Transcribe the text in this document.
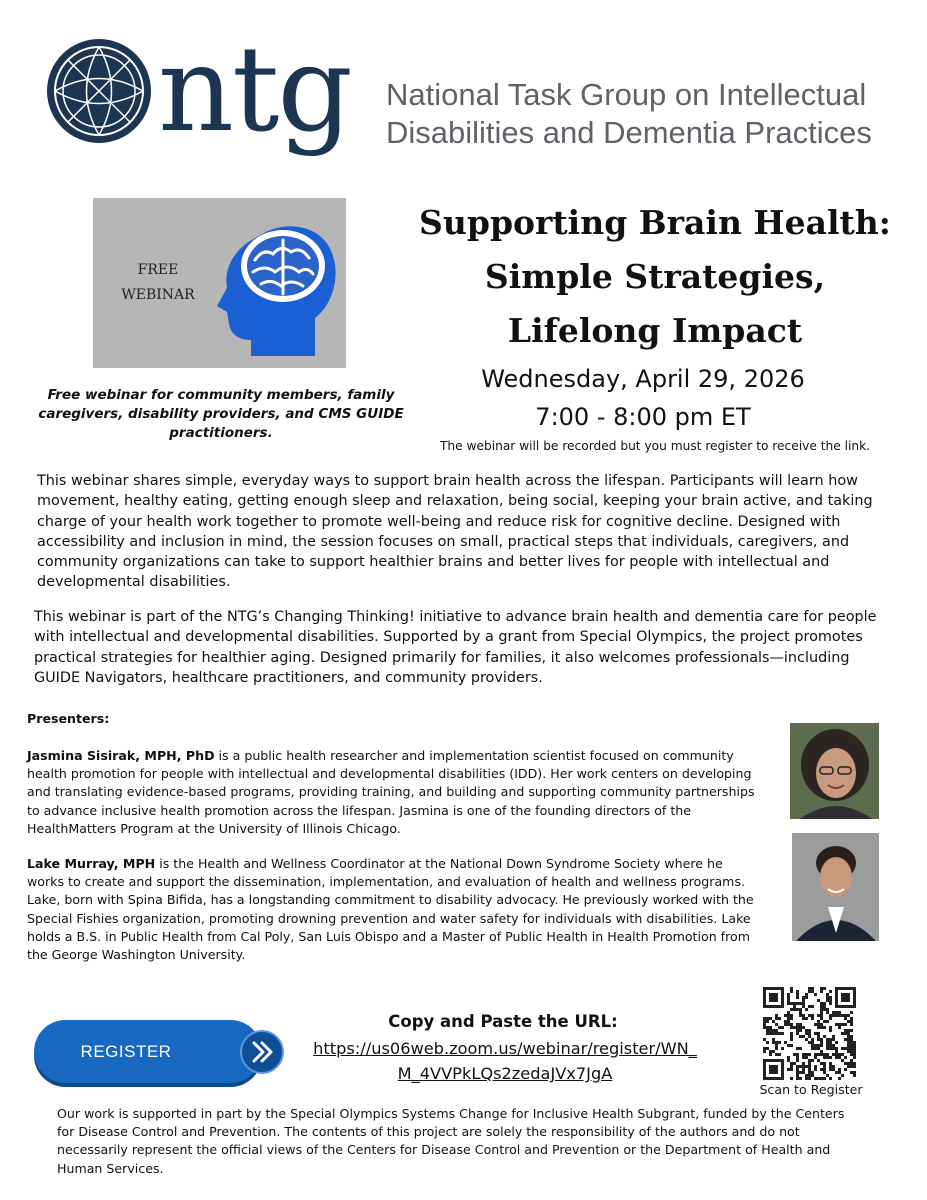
ntg National Task Group on Intellectual
Disabilities and Dementia Practices
FREE
WEBINAR
Free webinar for community members, family caregivers, disability providers, and CMS GUIDE practitioners.
Supporting Brain Health:
Simple Strategies,
Lifelong Impact
Wednesday, April 29, 2026
7:00 - 8:00 pm ET
The webinar will be recorded but you must register to receive the link.
This webinar shares simple, everyday ways to support brain health across the lifespan. Participants will learn how movement, healthy eating, getting enough sleep and relaxation, being social, keeping your brain active, and taking charge of your health work together to promote well-being and reduce risk for cognitive decline. Designed with accessibility and inclusion in mind, the session focuses on small, practical steps that individuals, caregivers, and community organizations can take to support healthier brains and better lives for people with intellectual and developmental disabilities.
This webinar is part of the NTG’s Changing Thinking! initiative to advance brain health and dementia care for people with intellectual and developmental disabilities. Supported by a grant from Special Olympics, the project promotes practical strategies for healthier aging. Designed primarily for families, it also welcomes professionals—including GUIDE Navigators, healthcare practitioners, and community providers.
Presenters:
Jasmina Sisirak, MPH, PhD is a public health researcher and implementation scientist focused on community health promotion for people with intellectual and developmental disabilities (IDD). Her work centers on developing and translating evidence-based programs, providing training, and building and supporting community partnerships to advance inclusive health promotion across the lifespan. Jasmina is one of the founding directors of the HealthMatters Program at the University of Illinois Chicago.
Lake Murray, MPH is the Health and Wellness Coordinator at the National Down Syndrome Society where he works to create and support the dissemination, implementation, and evaluation of health and wellness programs. Lake, born with Spina Bifida, has a longstanding commitment to disability advocacy. He previously worked with the Special Fishies organization, promoting drowning prevention and water safety for individuals with disabilities. Lake holds a B.S. in Public Health from Cal Poly, San Luis Obispo and a Master of Public Health in Health Promotion from the George Washington University.
REGISTER
Copy and Paste the URL:
https://us06web.zoom.us/webinar/register/WN_
M_4VVPkLQs2zedaJVx7JgA
Scan to Register
Our work is supported in part by the Special Olympics Systems Change for Inclusive Health Subgrant, funded by the Centers for Disease Control and Prevention. The contents of this project are solely the responsibility of the authors and do not necessarily represent the official views of the Centers for Disease Control and Prevention or the Department of Health and Human Services.
